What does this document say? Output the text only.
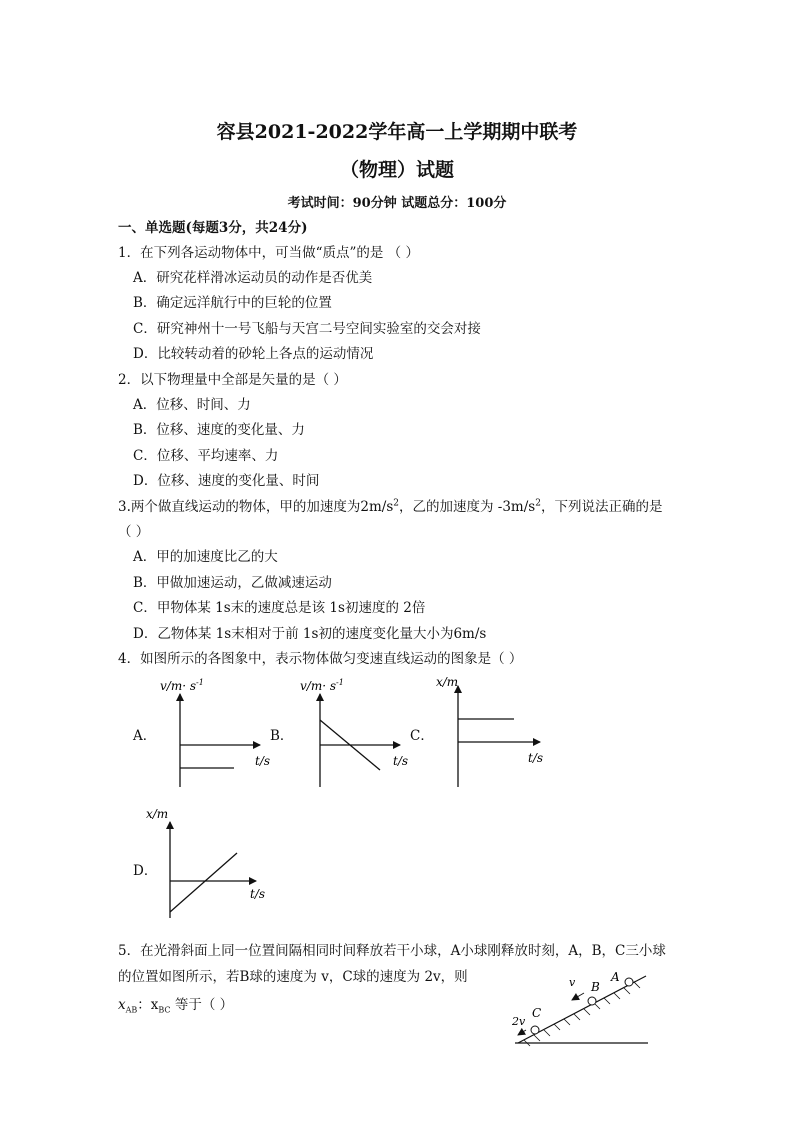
容县2021-2022学年高一上学期期中联考
（物理）试题
考试时间：90分钟 试题总分：100分
一、单选题(每题3分，共24分)
1．在下列各运动物体中，可当做“质点”的是 （ ）
A．研究花样滑冰运动员的动作是否优美
B．确定远洋航行中的巨轮的位置
C．研究神州十一号飞船与天宫二号空间实验室的交会对接
D．比较转动着的砂轮上各点的运动情况
2．以下物理量中全部是矢量的是（ ）
A．位移、时间、力
B．位移、速度的变化量、力
C．位移、平均速率、力
D．位移、速度的变化量、时间
3.两个做直线运动的物体，甲的加速度为$2m/s^2$，乙的加速度为 $-3m/s^2$，下列说法正确的是
（ ）
A．甲的加速度比乙的大
B．甲做加速运动，乙做减速运动
C．甲物体某 1s末的速度总是该 1s初速度的 2倍
D．乙物体某 1s末相对于前 1s初的速度变化量大小为6m/s
4．如图所示的各图象中，表示物体做匀变速直线运动的图象是（ ）
A．	B．	C．
D．
$v/m\cdot s^{-1}$
t/s
$v/m\cdot s^{-1}$
t/s
x/m
t/s
x/m
t/s
5．在光滑斜面上同一位置间隔相同时间释放若干小球，A小球刚释放时刻，A，B，C三小球
的位置如图所示，若B球的速度为 v，C球的速度为 2v，则
$x_{AB}$：$x_{BC}$ 等于（ ）
A
B
C
v
2v
